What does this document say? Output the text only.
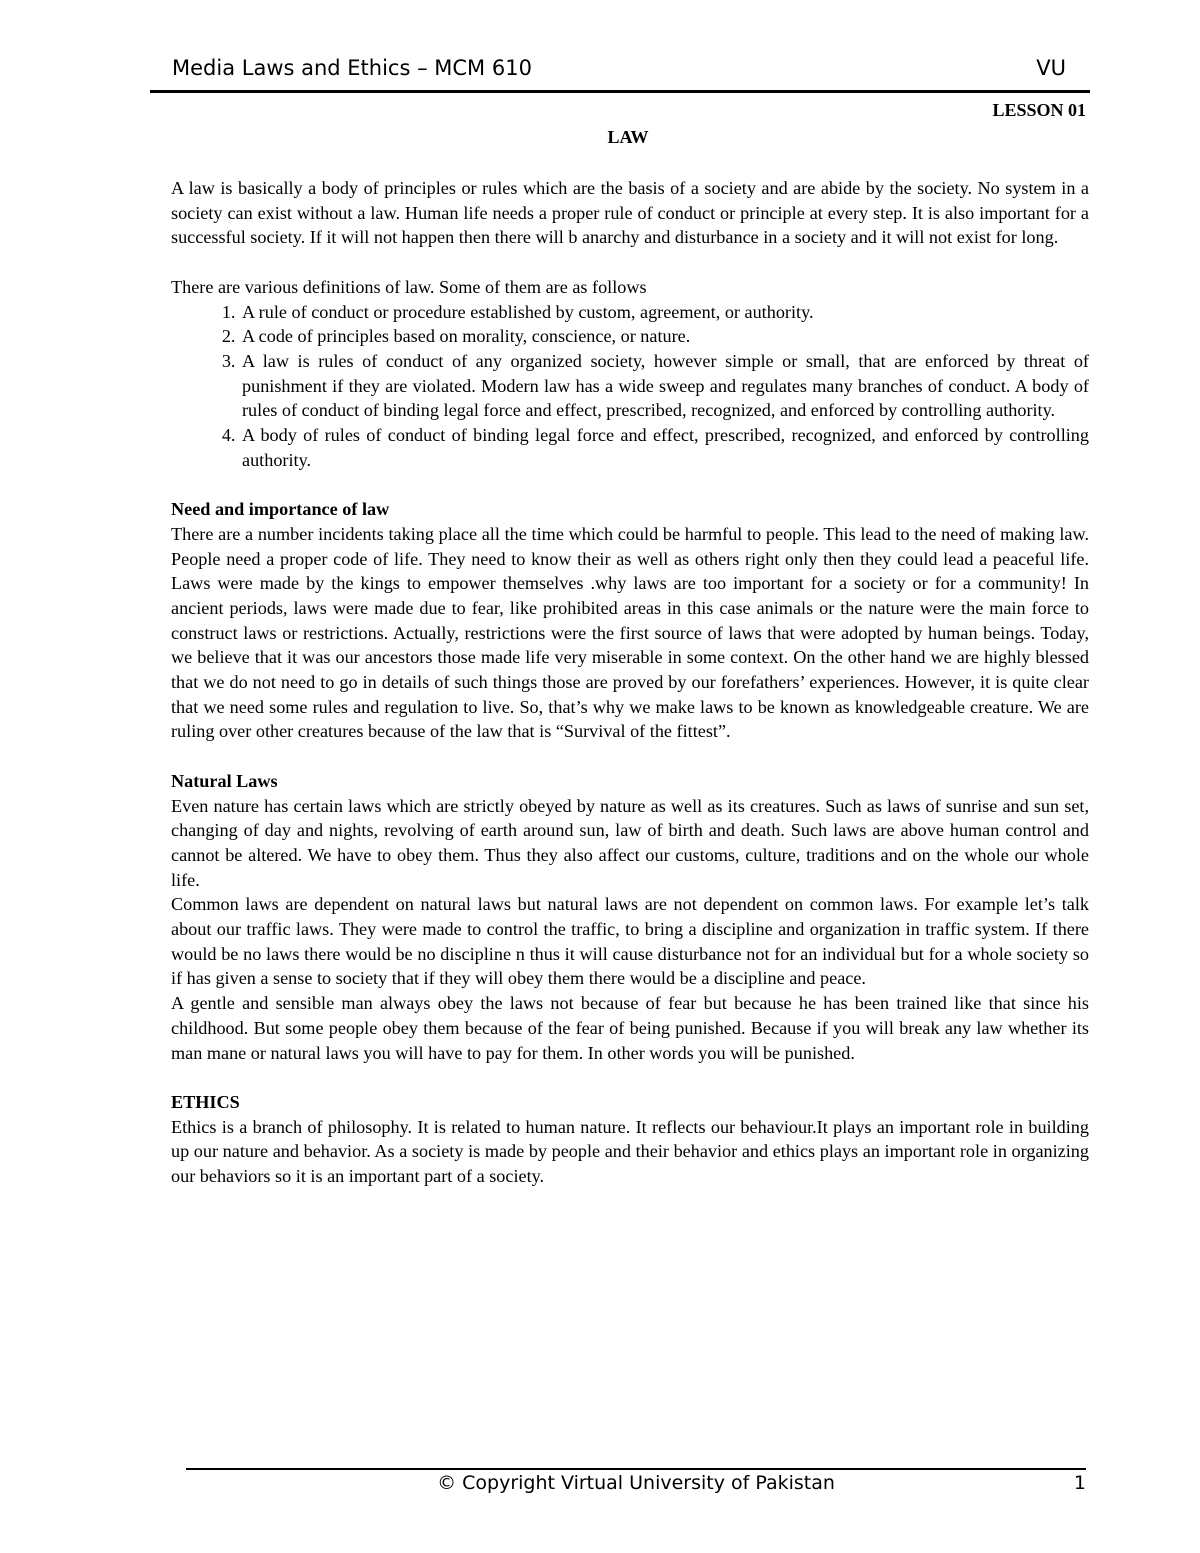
Media Laws and Ethics – MCM 610	VU
LESSON 01
LAW

A law is basically a body of principles or rules which are the basis of a society and are abide by the society. No system in a society can exist without a law. Human life needs a proper rule of conduct or principle at every step. It is also important for a successful society. If it will not happen then there will b anarchy and disturbance in a society and it will not exist for long.

There are various definitions of law. Some of them are as follows

1. A rule of conduct or procedure established by custom, agreement, or authority.
2. A code of principles based on morality, conscience, or nature.
3. A law is rules of conduct of any organized society, however simple or small, that are enforced by threat of punishment if they are violated. Modern law has a wide sweep and regulates many branches of conduct. A body of rules of conduct of binding legal force and effect, prescribed, recognized, and enforced by controlling authority.
4. A body of rules of conduct of binding legal force and effect, prescribed, recognized, and enforced by controlling authority.

Need and importance of law

There are a number incidents taking place all the time which could be harmful to people. This lead to the need of making law. People need a proper code of life. They need to know their as well as others right only then they could lead a peaceful life. Laws were made by the kings to empower themselves .why laws are too important for a society or for a community! In ancient periods, laws were made due to fear, like prohibited areas in this case animals or the nature were the main force to construct laws or restrictions. Actually, restrictions were the first source of laws that were adopted by human beings. Today, we believe that it was our ancestors those made life very miserable in some context. On the other hand we are highly blessed that we do not need to go in details of such things those are proved by our forefathers’ experiences. However, it is quite clear that we need some rules and regulation to live. So, that’s why we make laws to be known as knowledgeable creature. We are ruling over other creatures because of the law that is “Survival of the fittest”.

Natural Laws

Even nature has certain laws which are strictly obeyed by nature as well as its creatures. Such as laws of sunrise and sun set, changing of day and nights, revolving of earth around sun, law of birth and death. Such laws are above human control and cannot be altered. We have to obey them. Thus they also affect our customs, culture, traditions and on the whole our whole life.

Common laws are dependent on natural laws but natural laws are not dependent on common laws. For example let’s talk about our traffic laws. They were made to control the traffic, to bring a discipline and organization in traffic system. If there would be no laws there would be no discipline n thus it will cause disturbance not for an individual but for a whole society so if has given a sense to society that if they will obey them there would be a discipline and peace.

A gentle and sensible man always obey the laws not because of fear but because he has been trained like that since his childhood. But some people obey them because of the fear of being punished. Because if you will break any law whether its man mane or natural laws you will have to pay for them. In other words you will be punished.

ETHICS

Ethics is a branch of philosophy. It is related to human nature. It reflects our behaviour.It plays an important role in building up our nature and behavior. As a society is made by people and their behavior and ethics plays an important role in organizing our behaviors so it is an important part of a society.

© Copyright Virtual University of Pakistan	1
